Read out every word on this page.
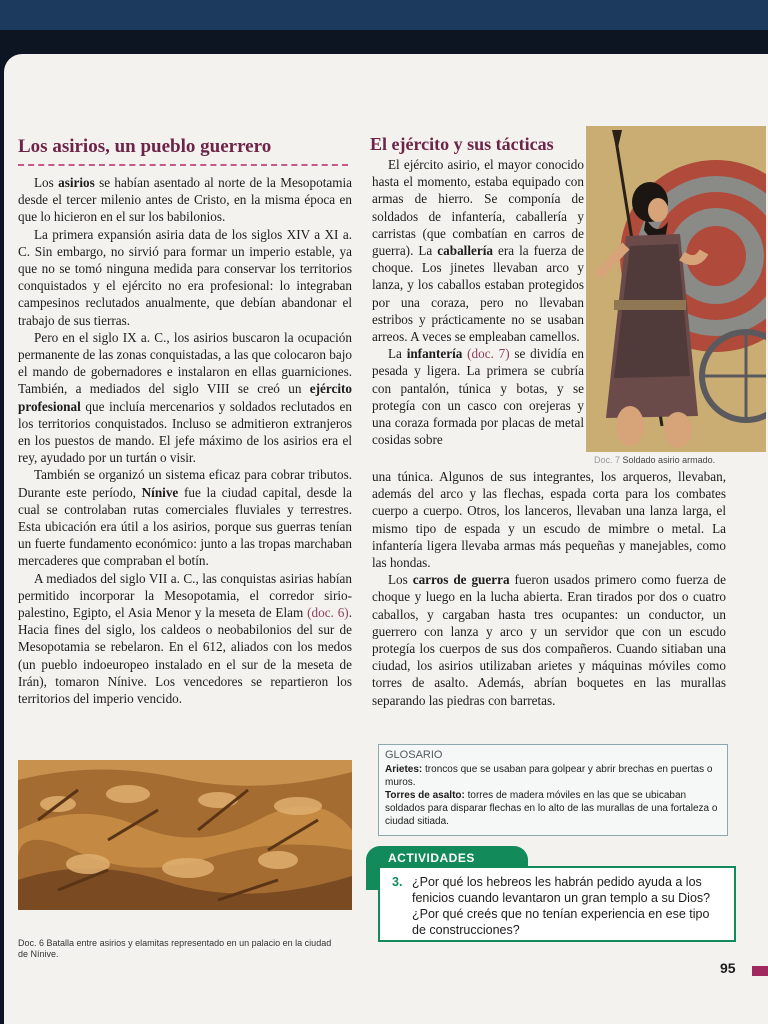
Los asirios, un pueblo guerrero

Los asirios se habían asentado al norte de la Mesopotamia desde el tercer milenio antes de Cristo, en la misma época en que lo hicieron en el sur los babilonios.

La primera expansión asiria data de los siglos XIV a XI a. C. Sin embargo, no sirvió para formar un imperio estable, ya que no se tomó ninguna medida para conservar los territorios conquistados y el ejército no era profesional: lo integraban campesinos reclutados anualmente, que debían abandonar el trabajo de sus tierras.

Pero en el siglo IX a. C., los asirios buscaron la ocupación permanente de las zonas conquistadas, a las que colocaron bajo el mando de gobernadores e instalaron en ellas guarniciones. También, a mediados del siglo VIII se creó un ejército profesional que incluía mercenarios y soldados reclutados en los territorios conquistados. Incluso se admitieron extranjeros en los puestos de mando. El jefe máximo de los asirios era el rey, ayudado por un turtán o visir.

También se organizó un sistema eficaz para cobrar tributos. Durante este período, Nínive fue la ciudad capital, desde la cual se controlaban rutas comerciales fluviales y terrestres. Esta ubicación era útil a los asirios, porque sus guerras tenían un fuerte fundamento económico: junto a las tropas marchaban mercaderes que compraban el botín.

A mediados del siglo VII a. C., las conquistas asirias habían permitido incorporar la Mesopotamia, el corredor sirio-palestino, Egipto, el Asia Menor y la meseta de Elam (doc. 6). Hacia fines del siglo, los caldeos o neobabilonios del sur de Mesopotamia se rebelaron. En el 612, aliados con los medos (un pueblo indoeuropeo instalado en el sur de la meseta de Irán), tomaron Nínive. Los vencedores se repartieron los territorios del imperio vencido.

El ejército y sus tácticas

El ejército asirio, el mayor conocido hasta el momento, estaba equipado con armas de hierro. Se componía de soldados de infantería, caballería y carristas (que combatían en carros de guerra). La caballería era la fuerza de choque. Los jinetes llevaban arco y lanza, y los caballos estaban protegidos por una coraza, pero no llevaban estribos y prácticamente no se usaban arreos. A veces se empleaban camellos.

La infantería (doc. 7) se dividía en pesada y ligera. La primera se cubría con pantalón, túnica y botas, y se protegía con un casco con orejeras y una coraza formada por placas de metal cosidas sobre

Doc. 7 Soldado asirio armado.

una túnica. Algunos de sus integrantes, los arqueros, llevaban, además del arco y las flechas, espada corta para los combates cuerpo a cuerpo. Otros, los lanceros, llevaban una lanza larga, el mismo tipo de espada y un escudo de mimbre o metal. La infantería ligera llevaba armas más pequeñas y manejables, como las hondas.

Los carros de guerra fueron usados primero como fuerza de choque y luego en la lucha abierta. Eran tirados por dos o cuatro caballos, y cargaban hasta tres ocupantes: un conductor, un guerrero con lanza y arco y un servidor que con un escudo protegía los cuerpos de sus dos compañeros. Cuando sitiaban una ciudad, los asirios utilizaban arietes y máquinas móviles como torres de asalto. Además, abrían boquetes en las murallas separando las piedras con barretas.

Doc. 6 Batalla entre asirios y elamitas representado en un palacio en la ciudad de Nínive.
GLOSARIO
Arietes: troncos que se usaban para golpear y abrir brechas en puertas o muros.
Torres de asalto: torres de madera móviles en las que se ubicaban soldados para disparar flechas en lo alto de las murallas de una fortaleza o ciudad sitiada.
ACTIVIDADES
3. ¿Por qué los hebreos les habrán pedido ayuda a los fenicios cuando levantaron un gran templo a su Dios? ¿Por qué creés que no tenían experiencia en ese tipo de construcciones?
95
